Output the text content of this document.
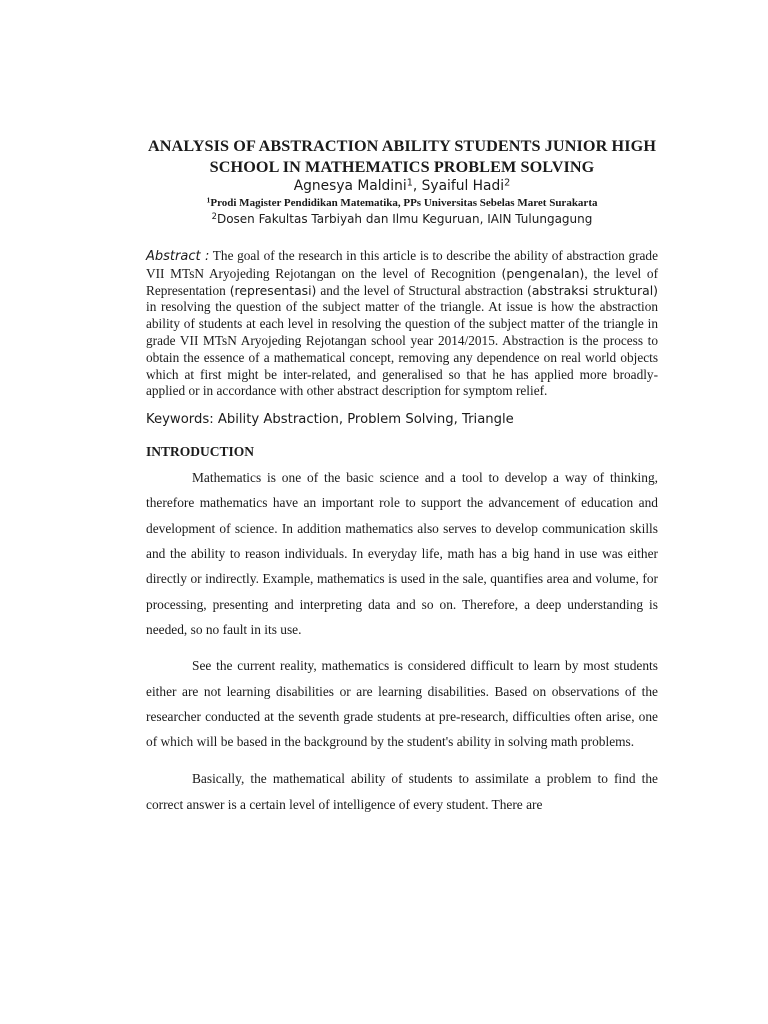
ANALYSIS OF ABSTRACTION ABILITY STUDENTS JUNIOR HIGH SCHOOL IN MATHEMATICS PROBLEM SOLVING
Agnesya Maldini$^1$, Syaiful Hadi$^2$
$^1$Prodi Magister Pendidikan Matematika, PPs Universitas Sebelas Maret Surakarta
$^2$Dosen Fakultas Tarbiyah dan Ilmu Keguruan, IAIN Tulungagung
Abstract : The goal of the research in this article is to describe the ability of abstraction grade VII MTsN Aryojeding Rejotangan on the level of Recognition (pengenalan), the level of Representation (representasi) and the level of Structural abstraction (abstraksi struktural) in resolving the question of the subject matter of the triangle. At issue is how the abstraction ability of students at each level in resolving the question of the subject matter of the triangle in grade VII MTsN Aryojeding Rejotangan school year 2014/2015. Abstraction is the process to obtain the essence of a mathematical concept, removing any dependence on real world objects which at first might be inter-related, and generalised so that he has applied more broadly-applied or in accordance with other abstract description for symptom relief.
Keywords: Ability Abstraction, Problem Solving, Triangle
INTRODUCTION

Mathematics is one of the basic science and a tool to develop a way of thinking, therefore mathematics have an important role to support the advancement of education and development of science. In addition mathematics also serves to develop communication skills and the ability to reason individuals. In everyday life, math has a big hand in use was either directly or indirectly. Example, mathematics is used in the sale, quantifies area and volume, for processing, presenting and interpreting data and so on. Therefore, a deep understanding is needed, so no fault in its use.

See the current reality, mathematics is considered difficult to learn by most students either are not learning disabilities or are learning disabilities. Based on observations of the researcher conducted at the seventh grade students at pre-research, difficulties often arise, one of which will be based in the background by the student's ability in solving math problems.

Basically, the mathematical ability of students to assimilate a problem to find the correct answer is a certain level of intelligence of every student. There are
